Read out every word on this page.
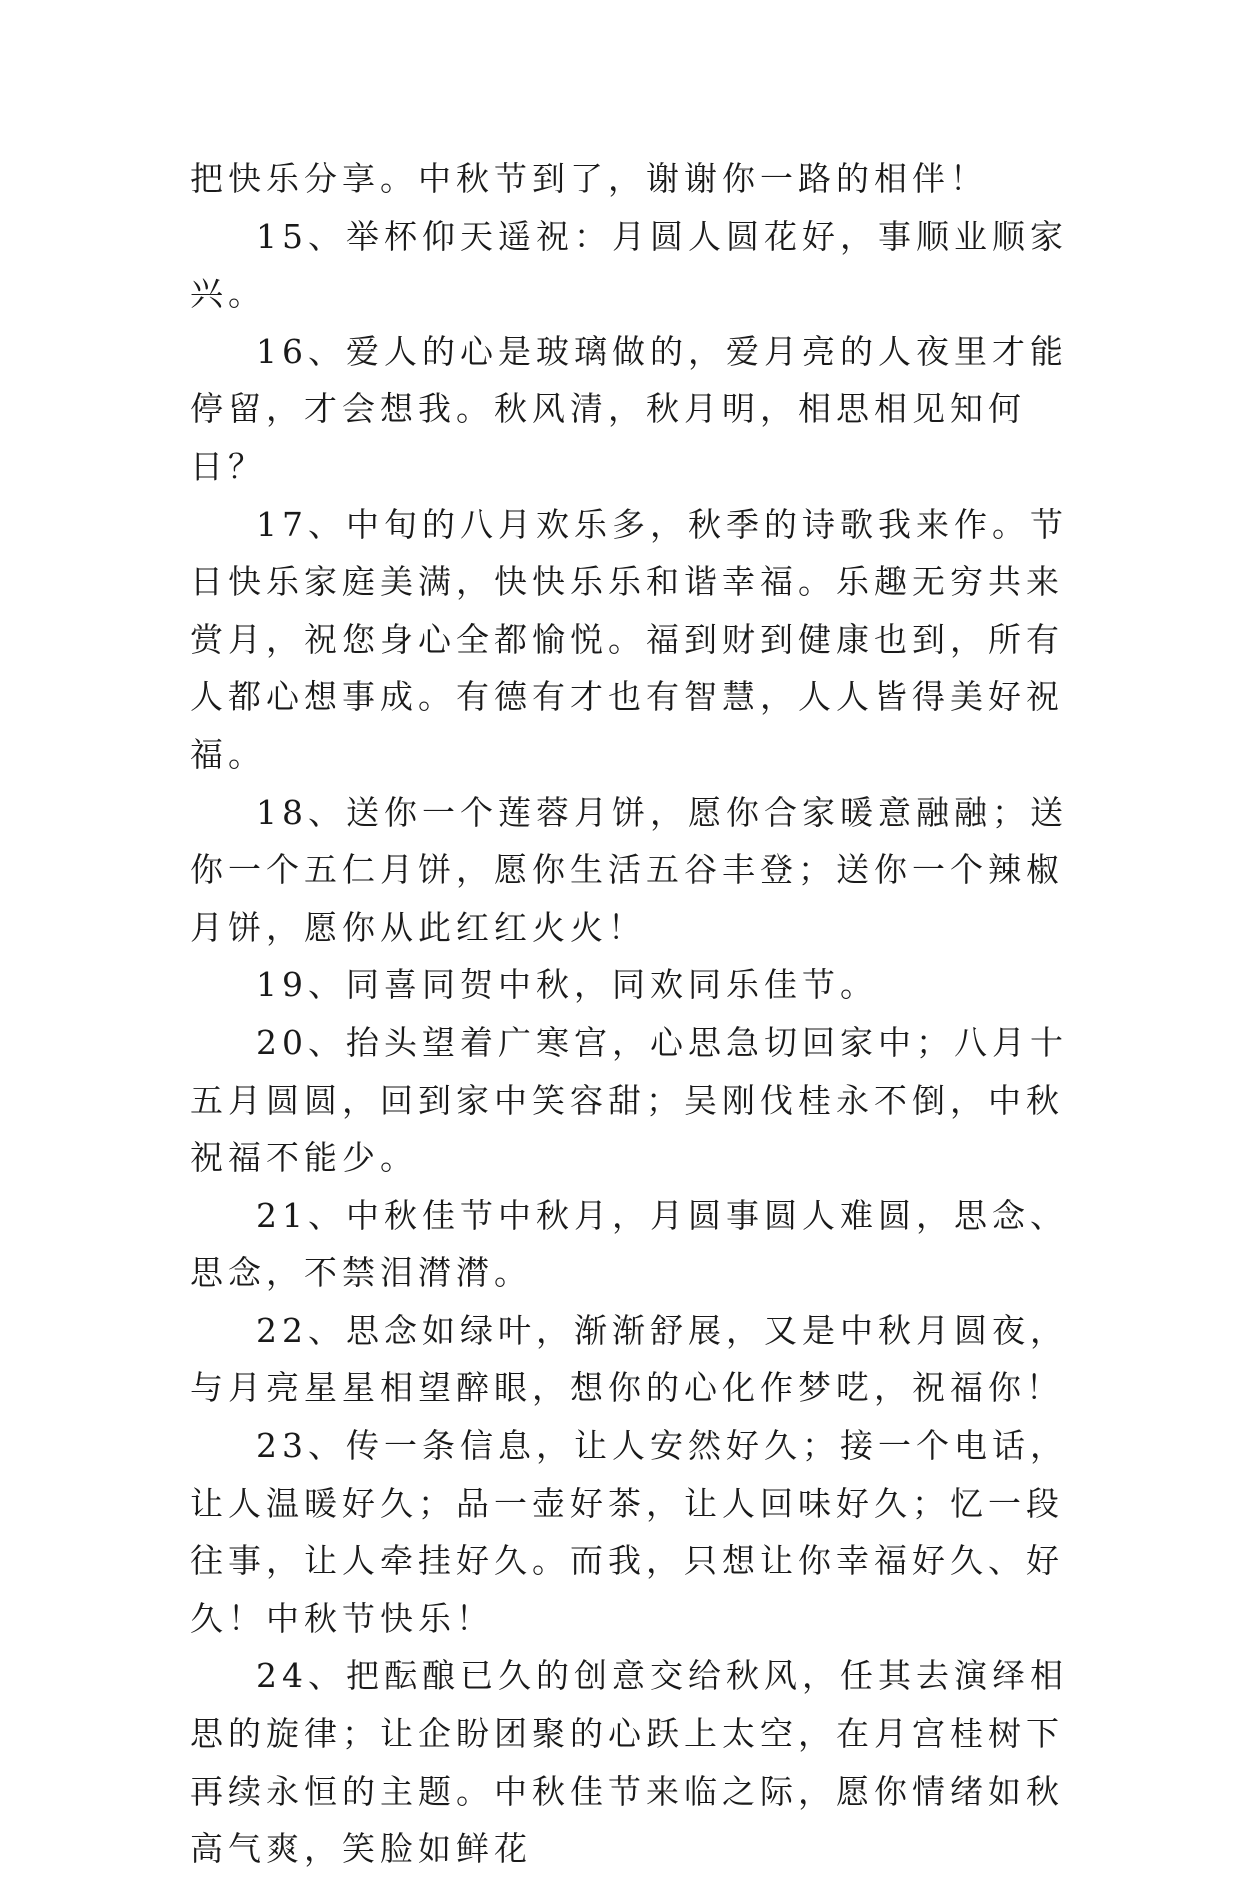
把快乐分享。中秋节到了，谢谢你一路的相伴！

15、举杯仰天遥祝：月圆人圆花好，事顺业顺家兴。

16、爱人的心是玻璃做的，爱月亮的人夜里才能停留，才会想我。秋风清，秋月明，相思相见知何日？

17、中旬的八月欢乐多，秋季的诗歌我来作。节日快乐家庭美满，快快乐乐和谐幸福。乐趣无穷共来赏月，祝您身心全都愉悦。福到财到健康也到，所有人都心想事成。有德有才也有智慧，人人皆得美好祝福。

18、送你一个莲蓉月饼，愿你合家暖意融融；送你一个五仁月饼，愿你生活五谷丰登；送你一个辣椒月饼，愿你从此红红火火！

19、同喜同贺中秋，同欢同乐佳节。

20、抬头望着广寒宫，心思急切回家中；八月十五月圆圆，回到家中笑容甜；吴刚伐桂永不倒，中秋祝福不能少。

21、中秋佳节中秋月，月圆事圆人难圆，思念、思念，不禁泪潸潸。

22、思念如绿叶，渐渐舒展，又是中秋月圆夜，与月亮星星相望醉眼，想你的心化作梦呓，祝福你！

23、传一条信息，让人安然好久；接一个电话，让人温暖好久；品一壶好茶，让人回味好久；忆一段往事，让人牵挂好久。而我，只想让你幸福好久、好久！中秋节快乐！

24、把酝酿已久的创意交给秋风，任其去演绎相思的旋律；让企盼团聚的心跃上太空，在月宫桂树下再续永恒的主题。中秋佳节来临之际，愿你情绪如秋高气爽，笑脸如鲜花
